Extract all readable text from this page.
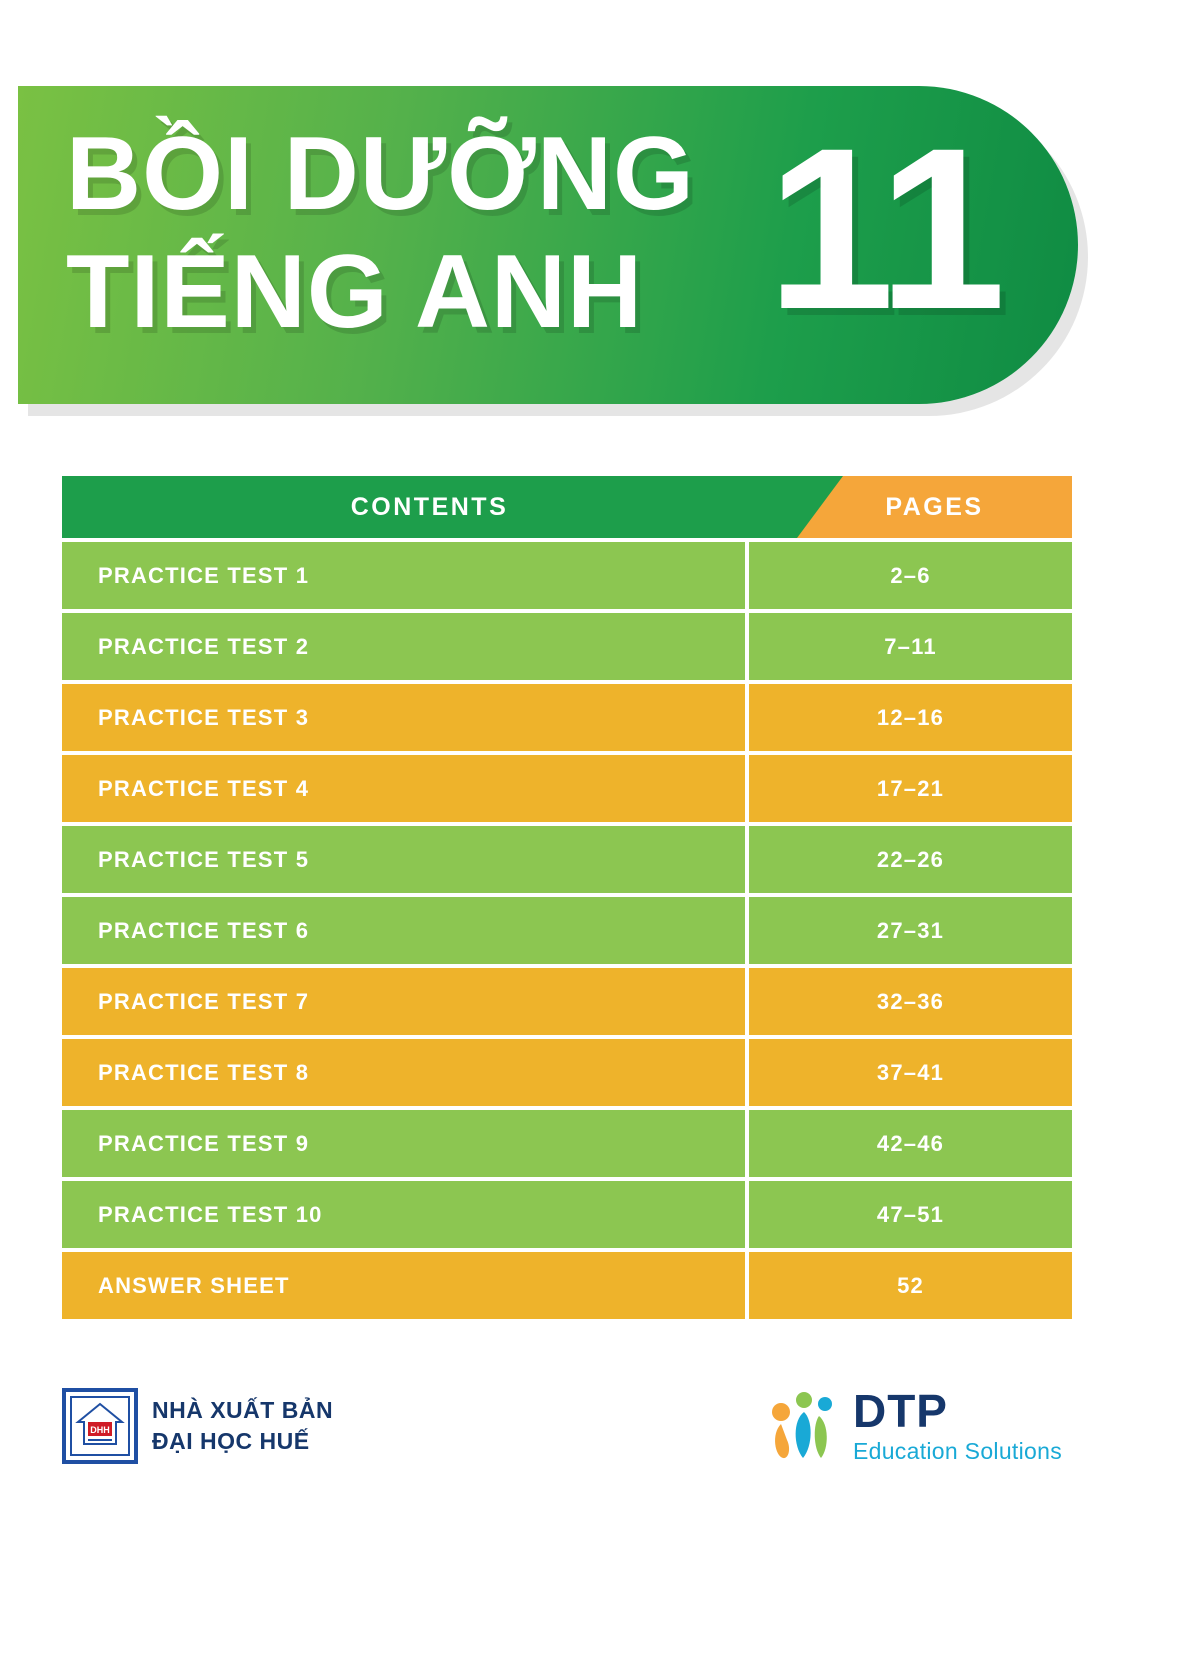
BỒI DƯỠNG
TIẾNG ANH 11
CONTENTS	PAGES
PRACTICE TEST 1	2–6
PRACTICE TEST 2	7–11
PRACTICE TEST 3	12–16
PRACTICE TEST 4	17–21
PRACTICE TEST 5	22–26
PRACTICE TEST 6	27–31
PRACTICE TEST 7	32–36
PRACTICE TEST 8	37–41
PRACTICE TEST 9	42–46
PRACTICE TEST 10	47–51
ANSWER SHEET	52
DHH
NHÀ XUẤT BẢN
ĐẠI HỌC HUẾ
DTP
Education Solutions
